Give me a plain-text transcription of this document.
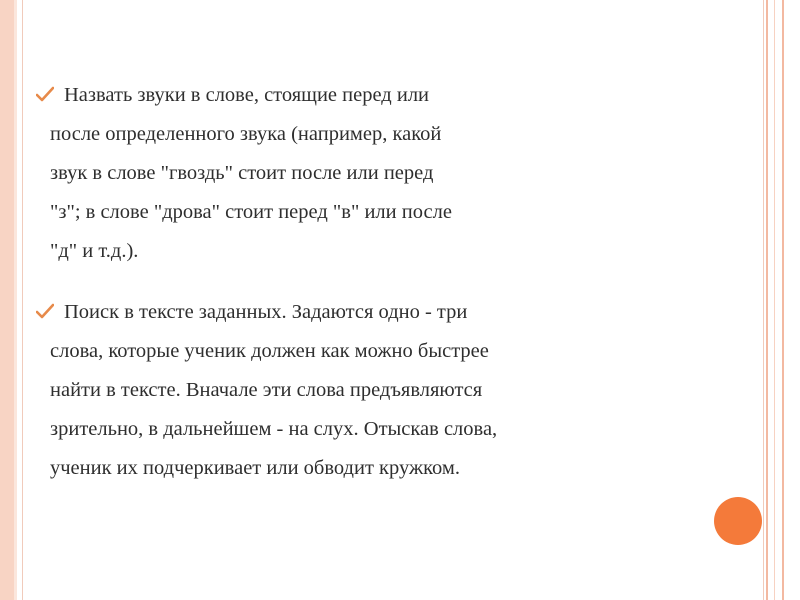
Назвать звуки в слове, стоящие перед или
после определенного звука (например, какой
звук в слове "гвоздь" стоит после или перед
"з"; в слове "дрова" стоит перед "в" или после
"д" и т.д.).
Поиск в тексте заданных. Задаются одно - три
слова, которые ученик должен как можно быстрее
найти в тексте. Вначале эти слова предъявляются
зрительно, в дальнейшем - на слух. Отыскав слова,
ученик их подчеркивает или обводит кружком.
